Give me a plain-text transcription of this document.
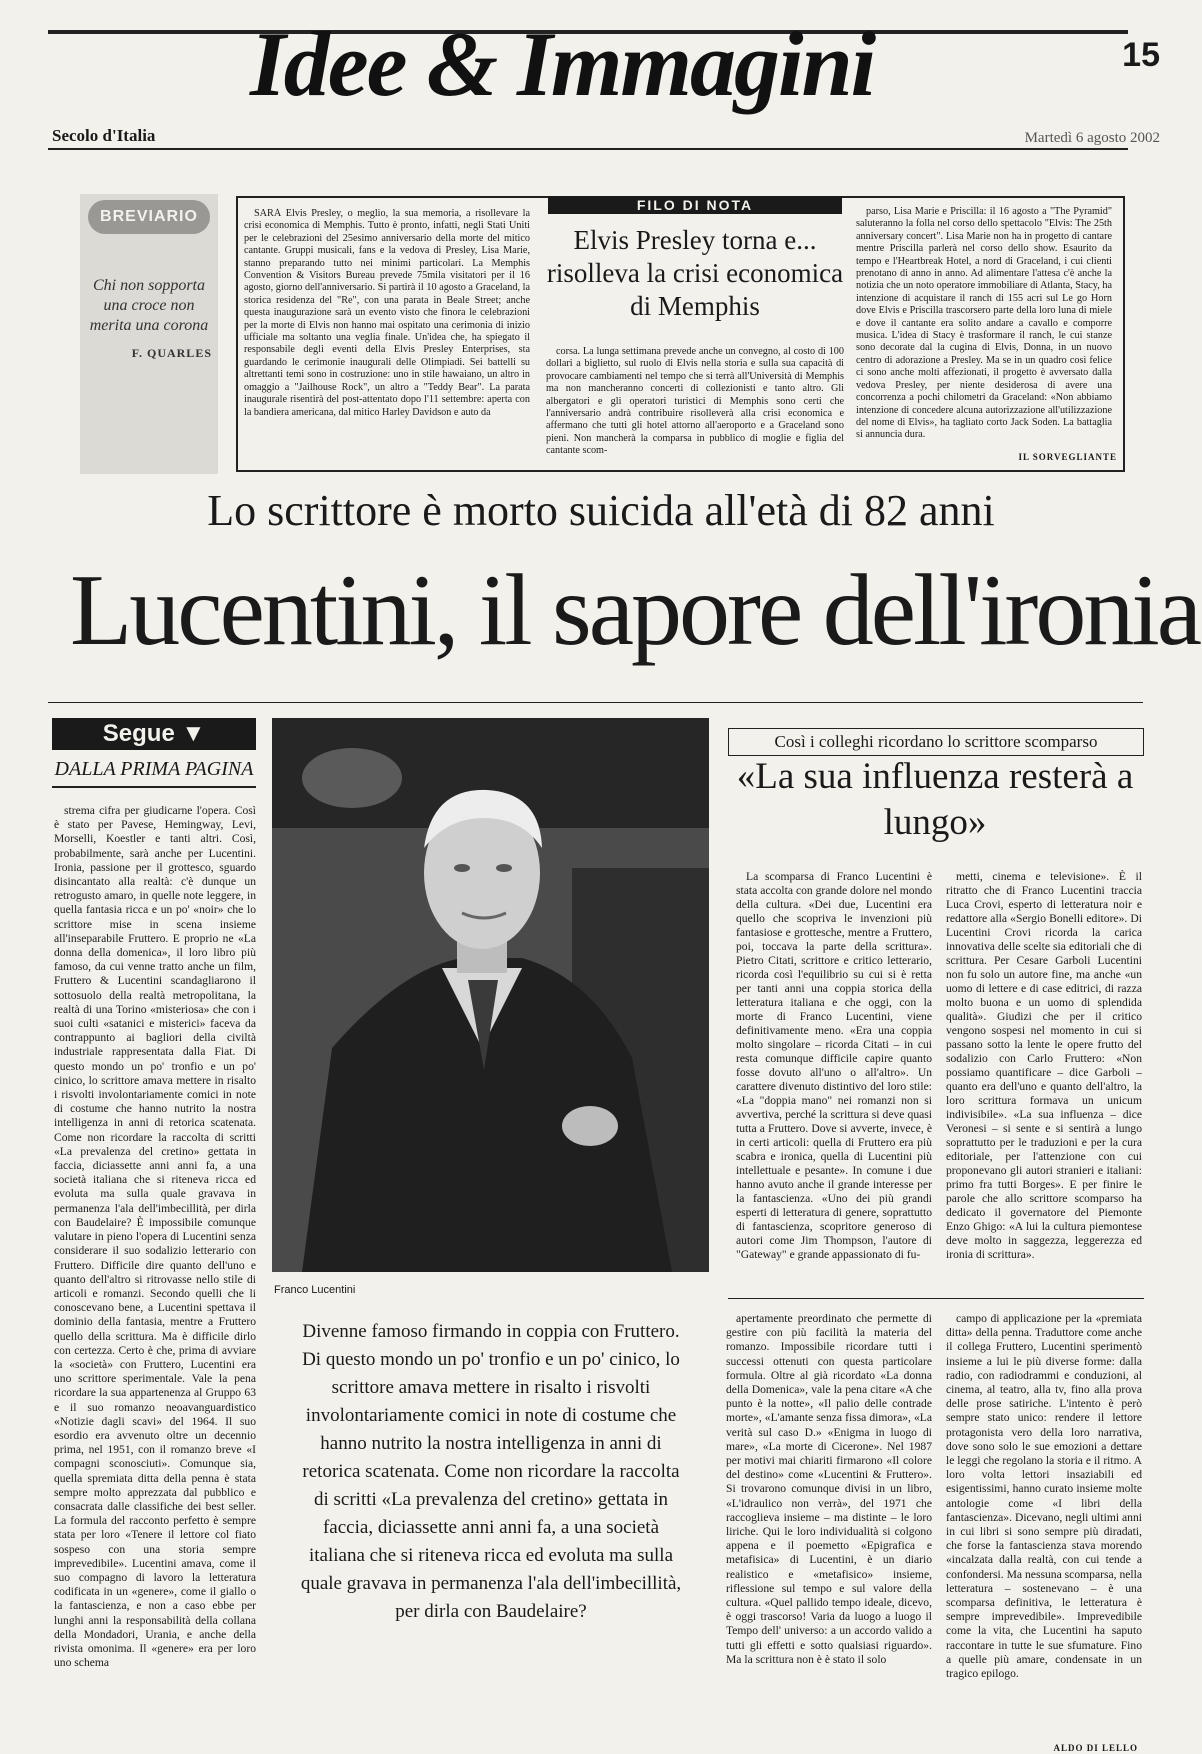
Idee & Immagini	15
Secolo d'Italia	Martedì 6 agosto 2002
BREVIARIO
Chi non sopporta una croce non merita una corona
F. QUARLES

SARÀ Elvis Presley, o meglio, la sua memoria, a risollevare la crisi economica di Memphis. Tutto è pronto, infatti, negli Stati Uniti per le celebrazioni del 25esimo anniversario della morte del mitico cantante. Gruppi musicali, fans e la vedova di Presley, Lisa Marie, stanno preparando tutto nei minimi particolari. La Memphis Convention & Visitors Bureau prevede 75mila visitatori per il 16 agosto, giorno dell'anniversario. Si partirà il 10 agosto a Graceland, la storica residenza del "Re", con una parata in Beale Street; anche questa inaugurazione sarà un evento visto che finora le celebrazioni per la morte di Elvis non hanno mai ospitato una cerimonia di inizio ufficiale ma soltanto una veglia finale. Un'idea che, ha spiegato il responsabile degli eventi della Elvis Presley Enterprises, sta guardando le cerimonie inaugurali delle Olimpiadi. Sei battelli su altrettanti temi sono in costruzione: uno in stile hawaiano, un altro in omaggio a "Jailhouse Rock", un altro a "Teddy Bear". La parata inaugurale risentirà del post-attentato dopo l'11 settembre: aperta con la bandiera americana, dal mitico Harley Davidson e auto da

FILO DI NOTA
Elvis Presley torna e... risolleva la crisi economica di Memphis

corsa. La lunga settimana prevede anche un convegno, al costo di 100 dollari a biglietto, sul ruolo di Elvis nella storia e sulla sua capacità di provocare cambiamenti nel tempo che si terrà all'Università di Memphis ma non mancheranno concerti di collezionisti e tanto altro. Gli albergatori e gli operatori turistici di Memphis sono certi che l'anniversario andrà contribuire risolleverà alla crisi economica e affermano che tutti gli hotel attorno all'aeroporto e a Graceland sono pieni. Non mancherà la comparsa in pubblico di moglie e figlia del cantante scom-

parso, Lisa Marie e Priscilla: il 16 agosto a "The Pyramid" saluteranno la folla nel corso dello spettacolo "Elvis: The 25th anniversary concert". Lisa Marie non ha in progetto di cantare mentre Priscilla parlerà nel corso dello show. Esaurito da tempo e l'Heartbreak Hotel, a nord di Graceland, i cui clienti prenotano di anno in anno. Ad alimentare l'attesa c'è anche la notizia che un noto operatore immobiliare di Atlanta, Stacy, ha intenzione di acquistare il ranch di 155 acri sul Le go Horn dove Elvis e Priscilla trascorsero parte della loro luna di miele e dove il cantante era solito andare a cavallo e comporre musica. L'idea di Stacy è trasformare il ranch, le cui stanze sono decorate dal la cugina di Elvis, Donna, in un nuovo centro di adorazione a Presley. Ma se in un quadro così felice ci sono anche molti affezionati, il progetto è avversato dalla vedova Presley, per niente desiderosa di avere una concorrenza a pochi chilometri da Graceland: «Non abbiamo intenzione di concedere alcuna autorizzazione all'utilizzazione del nome di Elvis», ha tagliato corto Jack Soden. La battaglia si annuncia dura.

IL SORVEGLIANTE
Lo scrittore è morto suicida all'età di 82 anni
Lucentini, il sapore dell'ironia
Segue ▼
DALLA PRIMA PAGINA

strema cifra per giudicarne l'opera. Così è stato per Pavese, Hemingway, Levi, Morselli, Koestler e tanti altri. Così, probabilmente, sarà anche per Lucentini. Ironia, passione per il grottesco, sguardo disincantato alla realtà: c'è dunque un retrogusto amaro, in quelle note leggere, in quella fantasia ricca e un po' «noir» che lo scrittore mise in scena insieme all'inseparabile Fruttero. E proprio ne «La donna della domenica», il loro libro più famoso, da cui venne tratto anche un film, Fruttero & Lucentini scandagliarono il sottosuolo della realtà metropolitana, la realtà di una Torino «misteriosa» che con i suoi culti «satanici e misterici» faceva da contrappunto ai bagliori della civiltà industriale rappresentata dalla Fiat. Di questo mondo un po' tronfio e un po' cinico, lo scrittore amava mettere in risalto i risvolti involontariamente comici in note di costume che hanno nutrito la nostra intelligenza in anni di retorica scatenata. Come non ricordare la raccolta di scritti «La prevalenza del cretino» gettata in faccia, diciassette anni anni fa, a una società italiana che si riteneva ricca ed evoluta ma sulla quale gravava in permanenza l'ala dell'imbecillità, per dirla con Baudelaire? È impossibile comunque valutare in pieno l'opera di Lucentini senza considerare il suo sodalizio letterario con Fruttero. Difficile dire quanto dell'uno e quanto dell'altro si ritrovasse nello stile di articoli e romanzi. Secondo quelli che li conoscevano bene, a Lucentini spettava il dominio della fantasia, mentre a Fruttero quello della scrittura. Ma è difficile dirlo con certezza. Certo è che, prima di avviare la «società» con Fruttero, Lucentini era uno scrittore sperimentale. Vale la pena ricordare la sua appartenenza al Gruppo 63 e il suo romanzo neoavanguardistico «Notizie dagli scavi» del 1964. Il suo esordio era avvenuto oltre un decennio prima, nel 1951, con il romanzo breve «I compagni sconosciuti». Comunque sia, quella spremiata ditta della penna è stata sempre molto apprezzata dal pubblico e consacrata dalle classifiche dei best seller. La formula del racconto perfetto è sempre stata per loro «Tenere il lettore col fiato sospeso con una storia sempre imprevedibile». Lucentini amava, come il suo compagno di lavoro la letteratura codificata in un «genere», come il giallo o la fantascienza, e non a caso ebbe per lunghi anni la responsabilità della collana della Mondadori, Urania, e anche della rivista omonima. Il «genere» era per loro uno schema

Franco Lucentini
Divenne famoso firmando in coppia con Fruttero. Di questo mondo un po' tronfio e un po' cinico, lo scrittore amava mettere in risalto i risvolti involontariamente comici in note di costume che hanno nutrito la nostra intelligenza in anni di retorica scatenata. Come non ricordare la raccolta di scritti «La prevalenza del cretino» gettata in faccia, diciassette anni anni fa, a una società italiana che si riteneva ricca ed evoluta ma sulla quale gravava in permanenza l'ala dell'imbecillità, per dirla con Baudelaire?
Così i colleghi ricordano lo scrittore scomparso
«La sua influenza resterà a lungo»

La scomparsa di Franco Lucentini è stata accolta con grande dolore nel mondo della cultura. «Dei due, Lucentini era quello che scopriva le invenzioni più fantasiose e grottesche, mentre a Fruttero, poi, toccava la parte della scrittura». Pietro Citati, scrittore e critico letterario, ricorda così l'equilibrio su cui si è retta per tanti anni una coppia storica della letteratura italiana e che oggi, con la morte di Franco Lucentini, viene definitivamente meno. «Era una coppia molto singolare – ricorda Citati – in cui resta comunque difficile capire quanto fosse dovuto all'uno o all'altro». Un carattere divenuto distintivo del loro stile: «La "doppia mano" nei romanzi non si avvertiva, perché la scrittura si deve quasi tutta a Fruttero. Dove si avverte, invece, è in certi articoli: quella di Fruttero era più scabra e ironica, quella di Lucentini più intellettuale e pesante». In comune i due hanno avuto anche il grande interesse per la fantascienza. «Uno dei più grandi esperti di letteratura di genere, soprattutto di fantascienza, scopritore generoso di autori come Jim Thompson, l'autore di "Gateway" e grande appassionato di fu-

metti, cinema e televisione». È il ritratto che di Franco Lucentini traccia Luca Crovi, esperto di letteratura noir e redattore alla «Sergio Bonelli editore». Di Lucentini Crovi ricorda la carica innovativa delle scelte sia editoriali che di scrittura. Per Cesare Garboli Lucentini non fu solo un autore fine, ma anche «un uomo di lettere e di case editrici, di razza molto buona e un uomo di splendida qualità». Giudizi che per il critico vengono sospesi nel momento in cui si passano sotto la lente le opere frutto del sodalizio con Carlo Fruttero: «Non possiamo quantificare – dice Garboli – quanto era dell'uno e quanto dell'altro, la loro scrittura formava un unicum indivisibile». «La sua influenza – dice Veronesi – si sente e si sentirà a lungo soprattutto per le traduzioni e per la cura editoriale, per l'attenzione con cui proponevano gli autori stranieri e italiani: primo fra tutti Borges». E per finire le parole che allo scrittore scomparso ha dedicato il governatore del Piemonte Enzo Ghigo: «A lui la cultura piemontese deve molto in saggezza, leggerezza ed ironia di scrittura».

apertamente preordinato che permette di gestire con più facilità la materia del romanzo. Impossibile ricordare tutti i successi ottenuti con questa particolare formula. Oltre al già ricordato «La donna della Domenica», vale la pena citare «A che punto è la notte», «Il palio delle contrade morte», «L'amante senza fissa dimora», «La verità sul caso D.» «Enigma in luogo di mare», «La morte di Cicerone». Nel 1987 per motivi mai chiariti firmarono «Il colore del destino» come «Lucentini & Fruttero». Si trovarono comunque divisi in un libro, «L'idraulico non verrà», del 1971 che raccoglieva insieme – ma distinte – le loro liriche. Qui le loro individualità si colgono appena e il poemetto «Epigrafica e metafisica» di Lucentini, è un diario realistico e «metafisico» insieme, riflessione sul tempo e sul valore della cultura. «Quel pallido tempo ideale, dicevo, è oggi trascorso! Varia da luogo a luogo il Tempo dell' universo: a un accordo valido a tutti gli effetti e sotto qualsiasi riguardo». Ma la scrittura non è è stato il solo

campo di applicazione per la «premiata ditta» della penna. Traduttore come anche il collega Fruttero, Lucentini sperimentò insieme a lui le più diverse forme: dalla radio, con radiodrammi e conduzioni, al cinema, al teatro, alla tv, fino alla prova delle prose satiriche. L'intento è però sempre stato unico: rendere il lettore protagonista vero della loro narrativa, dove sono solo le sue emozioni a dettare le leggi che regolano la storia e il ritmo. A loro volta lettori insaziabili ed esigentissimi, hanno curato insieme molte antologie come «I libri della fantascienza». Dicevano, negli ultimi anni in cui libri si sono sempre più diradati, che forse la fantascienza stava morendo «incalzata dalla realtà, con cui tende a confondersi. Ma nessuna scomparsa, nella letteratura – sostenevano – è una scomparsa definitiva, le letteratura è sempre imprevedibile». Imprevedibile come la vita, che Lucentini ha saputo raccontare in tutte le sue sfumature. Fino a quelle più amare, condensate in un tragico epilogo.

ALDO DI LELLO
